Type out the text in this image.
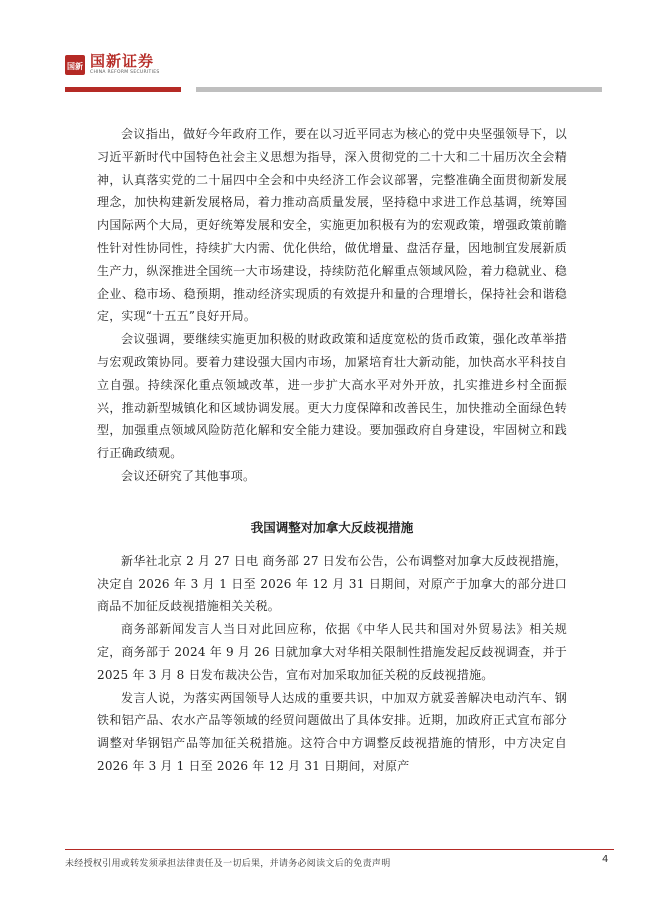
国新 国新证券
CHINA REFORM SECURITIES

会议指出，做好今年政府工作，要在以习近平同志为核心的党中央坚强领导下，以习近平新时代中国特色社会主义思想为指导，深入贯彻党的二十大和二十届历次全会精神，认真落实党的二十届四中全会和中央经济工作会议部署，完整准确全面贯彻新发展理念，加快构建新发展格局，着力推动高质量发展，坚持稳中求进工作总基调，统筹国内国际两个大局，更好统筹发展和安全，实施更加积极有为的宏观政策，增强政策前瞻性针对性协同性，持续扩大内需、优化供给，做优增量、盘活存量，因地制宜发展新质生产力，纵深推进全国统一大市场建设，持续防范化解重点领域风险，着力稳就业、稳企业、稳市场、稳预期，推动经济实现质的有效提升和量的合理增长，保持社会和谐稳定，实现“十五五”良好开局。

会议强调，要继续实施更加积极的财政政策和适度宽松的货币政策，强化改革举措与宏观政策协同。要着力建设强大国内市场，加紧培育壮大新动能，加快高水平科技自立自强。持续深化重点领域改革，进一步扩大高水平对外开放，扎实推进乡村全面振兴，推动新型城镇化和区域协调发展。更大力度保障和改善民生，加快推动全面绿色转型，加强重点领域风险防范化解和安全能力建设。要加强政府自身建设，牢固树立和践行正确政绩观。

会议还研究了其他事项。

我国调整对加拿大反歧视措施

新华社北京 2 月 27 日电 商务部 27 日发布公告，公布调整对加拿大反歧视措施，决定自 2026 年 3 月 1 日至 2026 年 12 月 31 日期间，对原产于加拿大的部分进口商品不加征反歧视措施相关关税。

商务部新闻发言人当日对此回应称，依据《中华人民共和国对外贸易法》相关规定，商务部于 2024 年 9 月 26 日就加拿大对华相关限制性措施发起反歧视调查，并于 2025 年 3 月 8 日发布裁决公告，宣布对加采取加征关税的反歧视措施。

发言人说，为落实两国领导人达成的重要共识，中加双方就妥善解决电动汽车、钢铁和铝产品、农水产品等领域的经贸问题做出了具体安排。近期，加政府正式宣布部分调整对华钢铝产品等加征关税措施。这符合中方调整反歧视措施的情形，中方决定自 2026 年 3 月 1 日至 2026 年 12 月 31 日期间，对原产

未经授权引用或转发须承担法律责任及一切后果，并请务必阅读文后的免责声明	4
